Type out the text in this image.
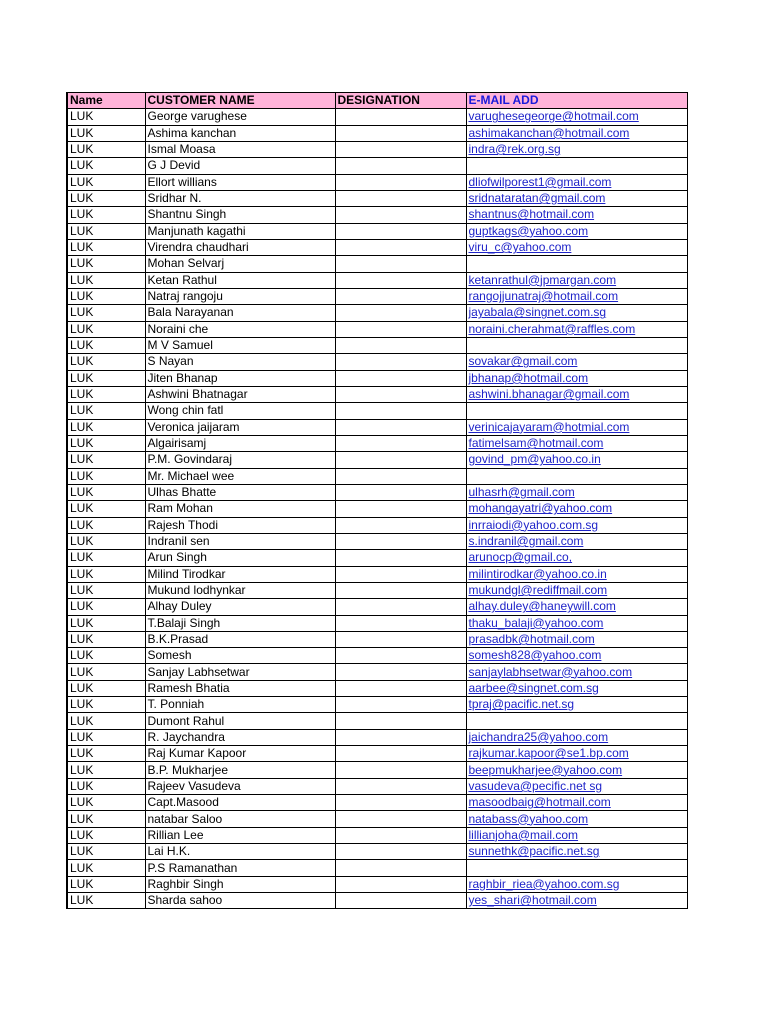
Name	CUSTOMER NAME	DESIGNATION	E-MAIL ADD
LUK	George varughese		varughesegeorge@hotmail.com
LUK	Ashima kanchan		ashimakanchan@hotmail.com
LUK	Ismal Moasa		indra@rek.org.sg
LUK	G J Devid		
LUK	Ellort willians		dliofwilporest1@gmail.com
LUK	Sridhar N.		sridnataratan@gmail.com
LUK	Shantnu Singh		shantnus@hotmail.com
LUK	Manjunath kagathi		guptkags@yahoo.com
LUK	Virendra chaudhari		viru_c@yahoo.com
LUK	Mohan Selvarj		
LUK	Ketan Rathul		ketanrathul@jpmargan.com
LUK	Natraj rangoju		rangojjunatraj@hotmail.com
LUK	Bala Narayanan		jayabala@singnet.com.sg
LUK	Noraini che		noraini.cherahmat@raffles.com
LUK	M V Samuel		
LUK	S Nayan		sovakar@gmail.com
LUK	Jiten Bhanap		jbhanap@hotmail.com
LUK	Ashwini Bhatnagar		ashwini.bhanagar@gmail.com
LUK	Wong chin fatl		
LUK	Veronica jaijaram		verinicajayaram@hotmial.com
LUK	Algairisamj		fatimelsam@hotmail.com
LUK	P.M. Govindaraj		govind_pm@yahoo.co.in
LUK	Mr. Michael wee		
LUK	Ulhas Bhatte		ulhasrh@gmail.com
LUK	Ram Mohan		mohangayatri@yahoo.com
LUK	Rajesh Thodi		inrraiodi@yahoo.com.sg
LUK	Indranil sen		s.indranil@gmail.com
LUK	Arun Singh		arunocp@gmail.co,
LUK	Milind Tirodkar		milintirodkar@yahoo.co.in
LUK	Mukund lodhynkar		mukundgl@rediffmail.com
LUK	Alhay Duley		alhay.duley@haneywill.com
LUK	T.Balaji Singh		thaku_balaji@yahoo.com
LUK	B.K.Prasad		prasadbk@hotmail.com
LUK	Somesh		somesh828@yahoo.com
LUK	Sanjay Labhsetwar		sanjaylabhsetwar@yahoo.com
LUK	Ramesh Bhatia		aarbee@singnet.com.sg
LUK	T. Ponniah		tpraj@pacific.net.sg
LUK	Dumont Rahul		
LUK	R. Jaychandra		jaichandra25@yahoo.com
LUK	Raj Kumar Kapoor		rajkumar.kapoor@se1.bp.com
LUK	B.P. Mukharjee		beepmukharjee@yahoo.com
LUK	Rajeev Vasudeva		vasudeva@pecific.net sg
LUK	Capt.Masood		masoodbaig@hotmail.com
LUK	natabar Saloo		natabass@yahoo.com
LUK	Rillian Lee		lillianjoha@mail.com
LUK	Lai H.K.		sunnethk@pacific.net.sg
LUK	P.S Ramanathan		
LUK	Raghbir Singh		raghbir_riea@yahoo.com.sg
LUK	Sharda sahoo		yes_shari@hotmail.com
